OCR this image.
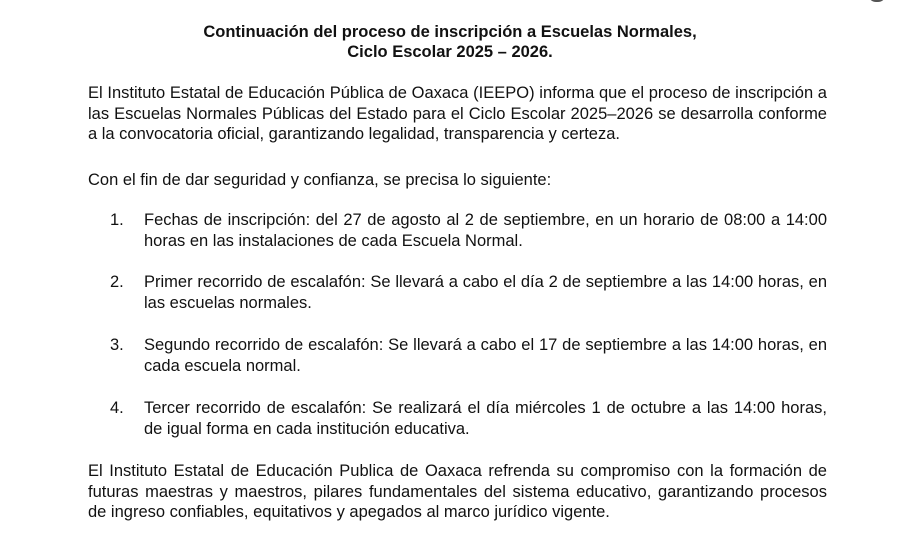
Continuación del proceso de inscripción a Escuelas Normales,
Ciclo Escolar 2025 – 2026.
El Instituto Estatal de Educación Pública de Oaxaca (IEEPO) informa que el proceso de inscripción a las Escuelas Normales Públicas del Estado para el Ciclo Escolar 2025–2026 se desarrolla conforme a la convocatoria oficial, garantizando legalidad, transparencia y certeza.
Con el fin de dar seguridad y confianza, se precisa lo siguiente:
1.	Fechas de inscripción: del 27 de agosto al 2 de septiembre, en un horario de 08:00 a 14:00 horas en las instalaciones de cada Escuela Normal.
2.	Primer recorrido de escalafón: Se llevará a cabo el día 2 de septiembre a las 14:00 horas, en las escuelas normales.
3.	Segundo recorrido de escalafón: Se llevará a cabo el 17 de septiembre a las 14:00 horas, en cada escuela normal.
4.	Tercer recorrido de escalafón: Se realizará el día miércoles 1 de octubre a las 14:00 horas, de igual forma en cada institución educativa.
El Instituto Estatal de Educación Publica de Oaxaca refrenda su compromiso con la formación de futuras maestras y maestros, pilares fundamentales del sistema educativo, garantizando procesos de ingreso confiables, equitativos y apegados al marco jurídico vigente.
